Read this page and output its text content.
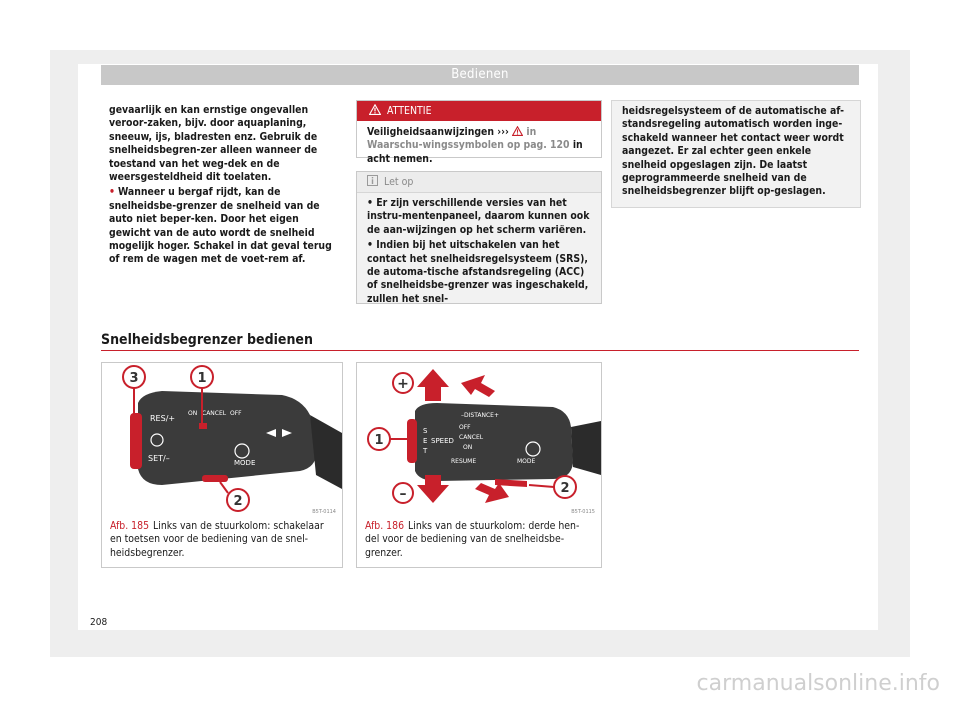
Bedienen

gevaarlijk en kan ernstige ongevallen veroor-zaken, bijv. door aquaplaning, sneeuw, ijs, bladresten enz. Gebruik de snelheidsbegren-zer alleen wanneer de toestand van het weg-dek en de weersgesteldheid dit toelaten.

• Wanneer u bergaf rijdt, kan de snelheidsbe-grenzer de snelheid van de auto niet beper-ken. Door het eigen gewicht van de auto wordt de snelheid mogelijk hoger. Schakel in dat geval terug of rem de wagen met de voet-rem af.

ATTENTIE
Veiligheidsaanwijzingen ››› in Waarschu-wingssymbolen op pag. 120 in acht nemen.
Let op

• Er zijn verschillende versies van het instru-mentenpaneel, daarom kunnen ook de aan-wijzingen op het scherm variëren.

• Indien bij het uitschakelen van het contact het snelheidsregelsysteem (SRS), de automa-tische afstandsregeling (ACC) of snelheidsbe-grenzer was ingeschakeld, zullen het snel-

heidsregelsysteem of de automatische af-standsregeling automatisch worden inge-schakeld wanneer het contact weer wordt aangezet. Er zal echter geen enkele snelheid opgeslagen zijn. De laatst geprogrammeerde snelheid van de snelheidsbegrenzer blijft op-geslagen.
Snelheidsbegrenzer bedienen
RES/+
ON CANCEL OFF
SET/–	MODE
3	1
2
B5T-0114
Afb. 185 Links van de stuurkolom: schakelaar en toetsen voor de bediening van de snel-heidsbegrenzer.
–DISTANCE+
S
E
T
SPEED
OFF
CANCEL
ON
RESUME	MODE
+
1
–	2
B5T-0115
Afb. 186 Links van de stuurkolom: derde hen-del voor de bediening van de snelheidsbe-grenzer.
208
carmanualsonline.info
